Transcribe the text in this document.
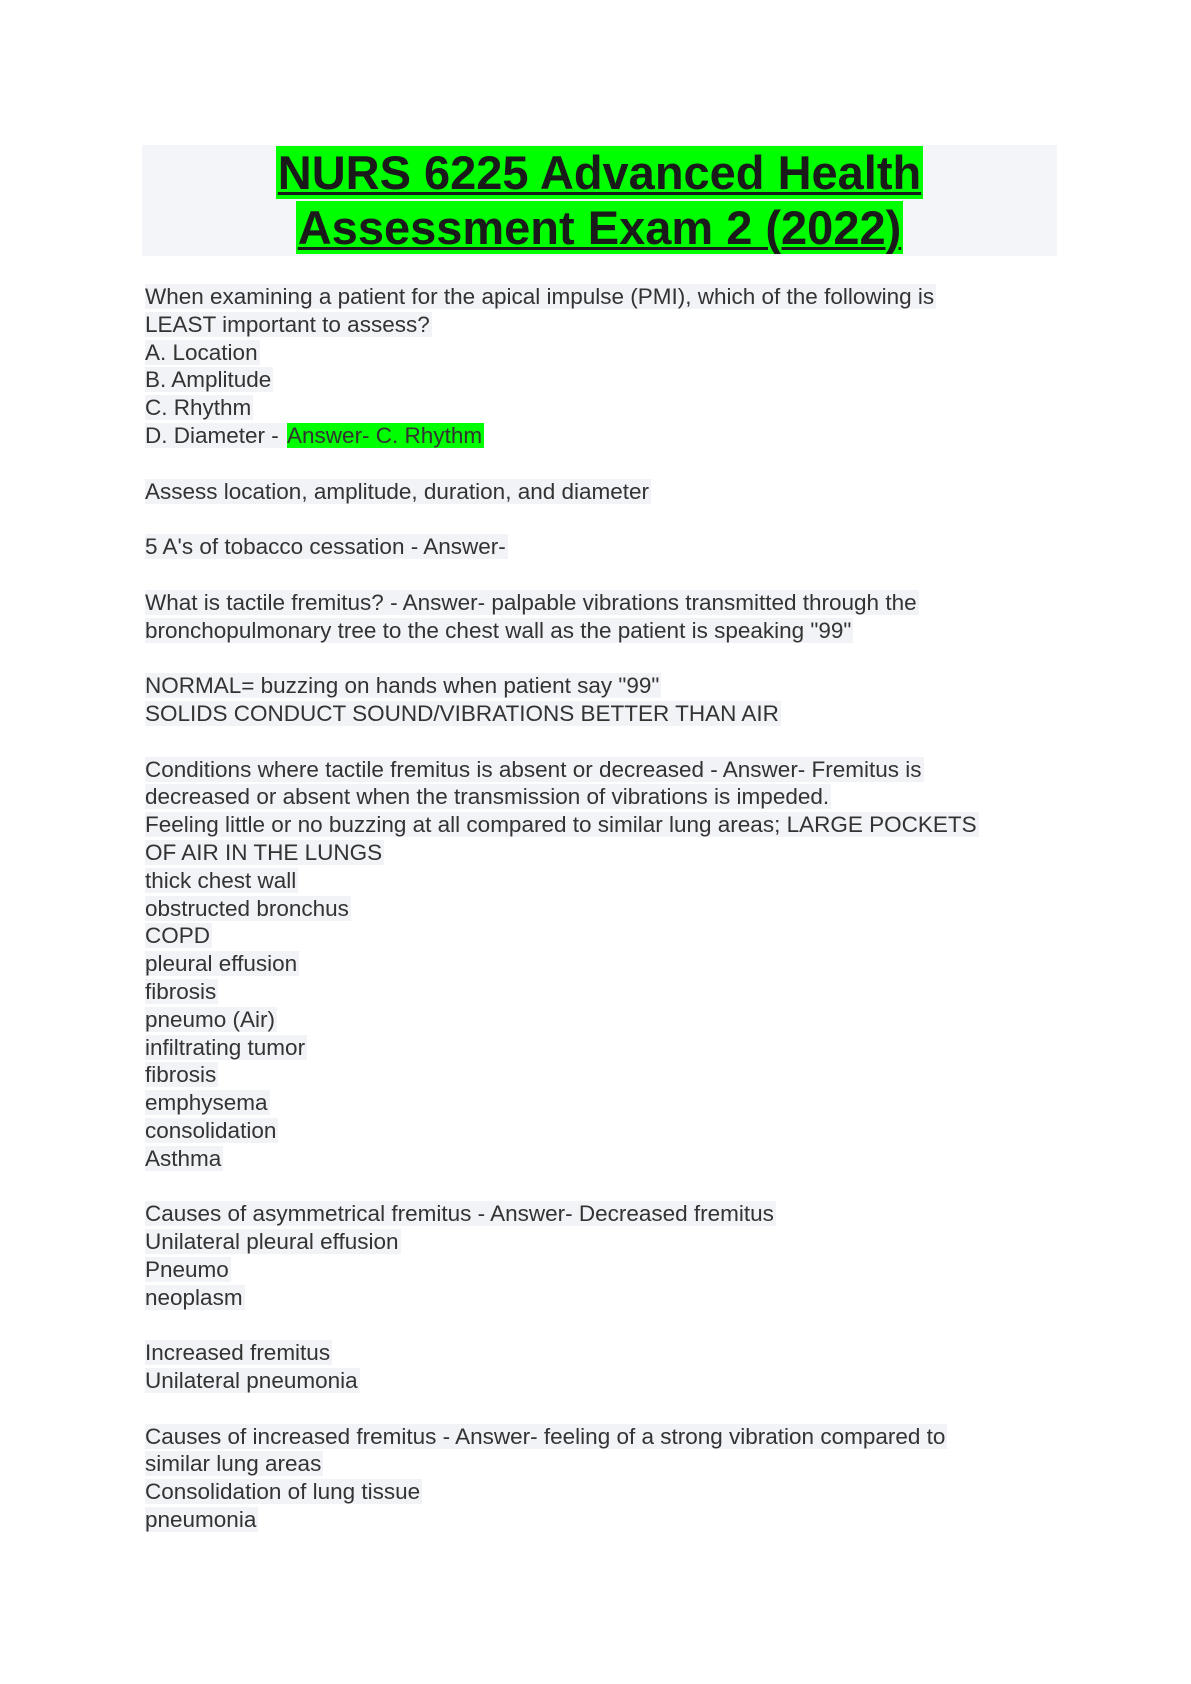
NURS 6225 Advanced Health
Assessment Exam 2 (2022)
When examining a patient for the apical impulse (PMI), which of the following is
LEAST important to assess?
A. Location
B. Amplitude
C. Rhythm
D. Diameter - Answer- C. Rhythm
Assess location, amplitude, duration, and diameter
5 A's of tobacco cessation - Answer-
What is tactile fremitus? - Answer- palpable vibrations transmitted through the
bronchopulmonary tree to the chest wall as the patient is speaking "99"
NORMAL= buzzing on hands when patient say "99"
SOLIDS CONDUCT SOUND/VIBRATIONS BETTER THAN AIR
Conditions where tactile fremitus is absent or decreased - Answer- Fremitus is
decreased or absent when the transmission of vibrations is impeded.
Feeling little or no buzzing at all compared to similar lung areas; LARGE POCKETS
OF AIR IN THE LUNGS
thick chest wall
obstructed bronchus
COPD
pleural effusion
fibrosis
pneumo (Air)
infiltrating tumor
fibrosis
emphysema
consolidation
Asthma
Causes of asymmetrical fremitus - Answer- Decreased fremitus
Unilateral pleural effusion
Pneumo
neoplasm
Increased fremitus
Unilateral pneumonia
Causes of increased fremitus - Answer- feeling of a strong vibration compared to
similar lung areas
Consolidation of lung tissue
pneumonia
